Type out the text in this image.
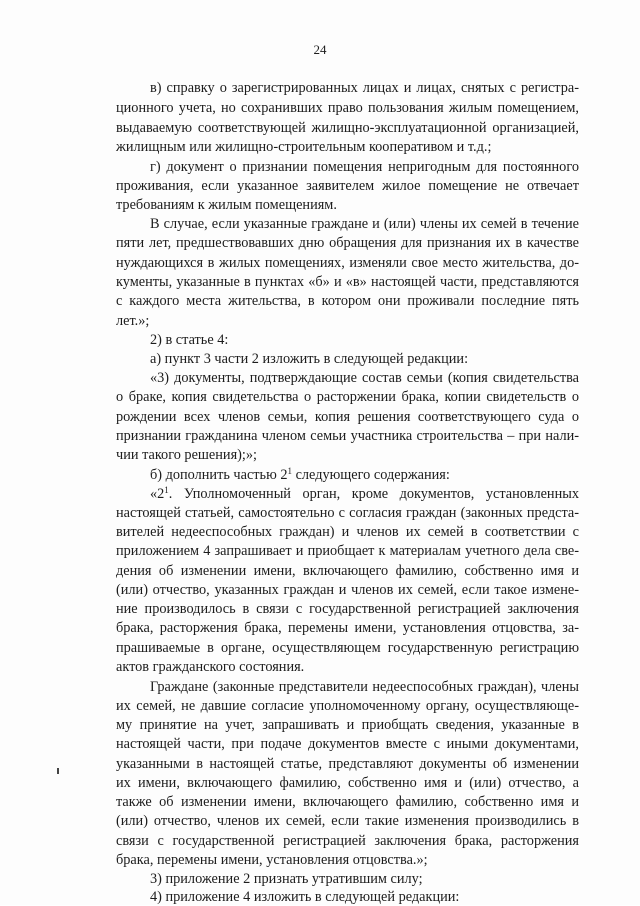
24
в) справку о зарегистрированных лицах и лицах, снятых с регистра-
ционного учета, но сохранивших право пользования жилым помещением,
выдаваемую соответствующей жилищно-эксплуатационной организацией,
жилищным или жилищно-строительным кооперативом и т.д.;
г) документ о признании помещения непригодным для постоянного
проживания, если указанное заявителем жилое помещение не отвечает
требованиям к жилым помещениям.
В случае, если указанные граждане и (или) члены их семей в течение
пяти лет, предшествовавших дню обращения для признания их в качестве
нуждающихся в жилых помещениях, изменяли свое место жительства, до-
кументы, указанные в пунктах «б» и «в» настоящей части, представляются
с каждого места жительства, в котором они проживали последние пять
лет.»;
2) в статье 4:
а) пункт 3 части 2 изложить в следующей редакции:
«3) документы, подтверждающие состав семьи (копия свидетельства
о браке, копия свидетельства о расторжении брака, копии свидетельств о
рождении всех членов семьи, копия решения соответствующего суда о
признании гражданина членом семьи участника строительства – при нали-
чии такого решения);»;
б) дополнить частью $2^1$ следующего содержания:
«$2^1$. Уполномоченный орган, кроме документов, установленных
настоящей статьей, самостоятельно с согласия граждан (законных предста-
вителей недееспособных граждан) и членов их семей в соответствии с
приложением 4 запрашивает и приобщает к материалам учетного дела све-
дения об изменении имени, включающего фамилию, собственно имя и
(или) отчество, указанных граждан и членов их семей, если такое измене-
ние производилось в связи с государственной регистрацией заключения
брака, расторжения брака, перемены имени, установления отцовства, за-
прашиваемые в органе, осуществляющем государственную регистрацию
актов гражданского состояния.
Граждане (законные представители недееспособных граждан), члены
их семей, не давшие согласие уполномоченному органу, осуществляюще-
му принятие на учет, запрашивать и приобщать сведения, указанные в
настоящей части, при подаче документов вместе с иными документами,
указанными в настоящей статье, представляют документы об изменении
их имени, включающего фамилию, собственно имя и (или) отчество, а
также об изменении имени, включающего фамилию, собственно имя и
(или) отчество, членов их семей, если такие изменения производились в
связи с государственной регистрацией заключения брака, расторжения
брака, перемены имени, установления отцовства.»;
3) приложение 2 признать утратившим силу;
4) приложение 4 изложить в следующей редакции:
